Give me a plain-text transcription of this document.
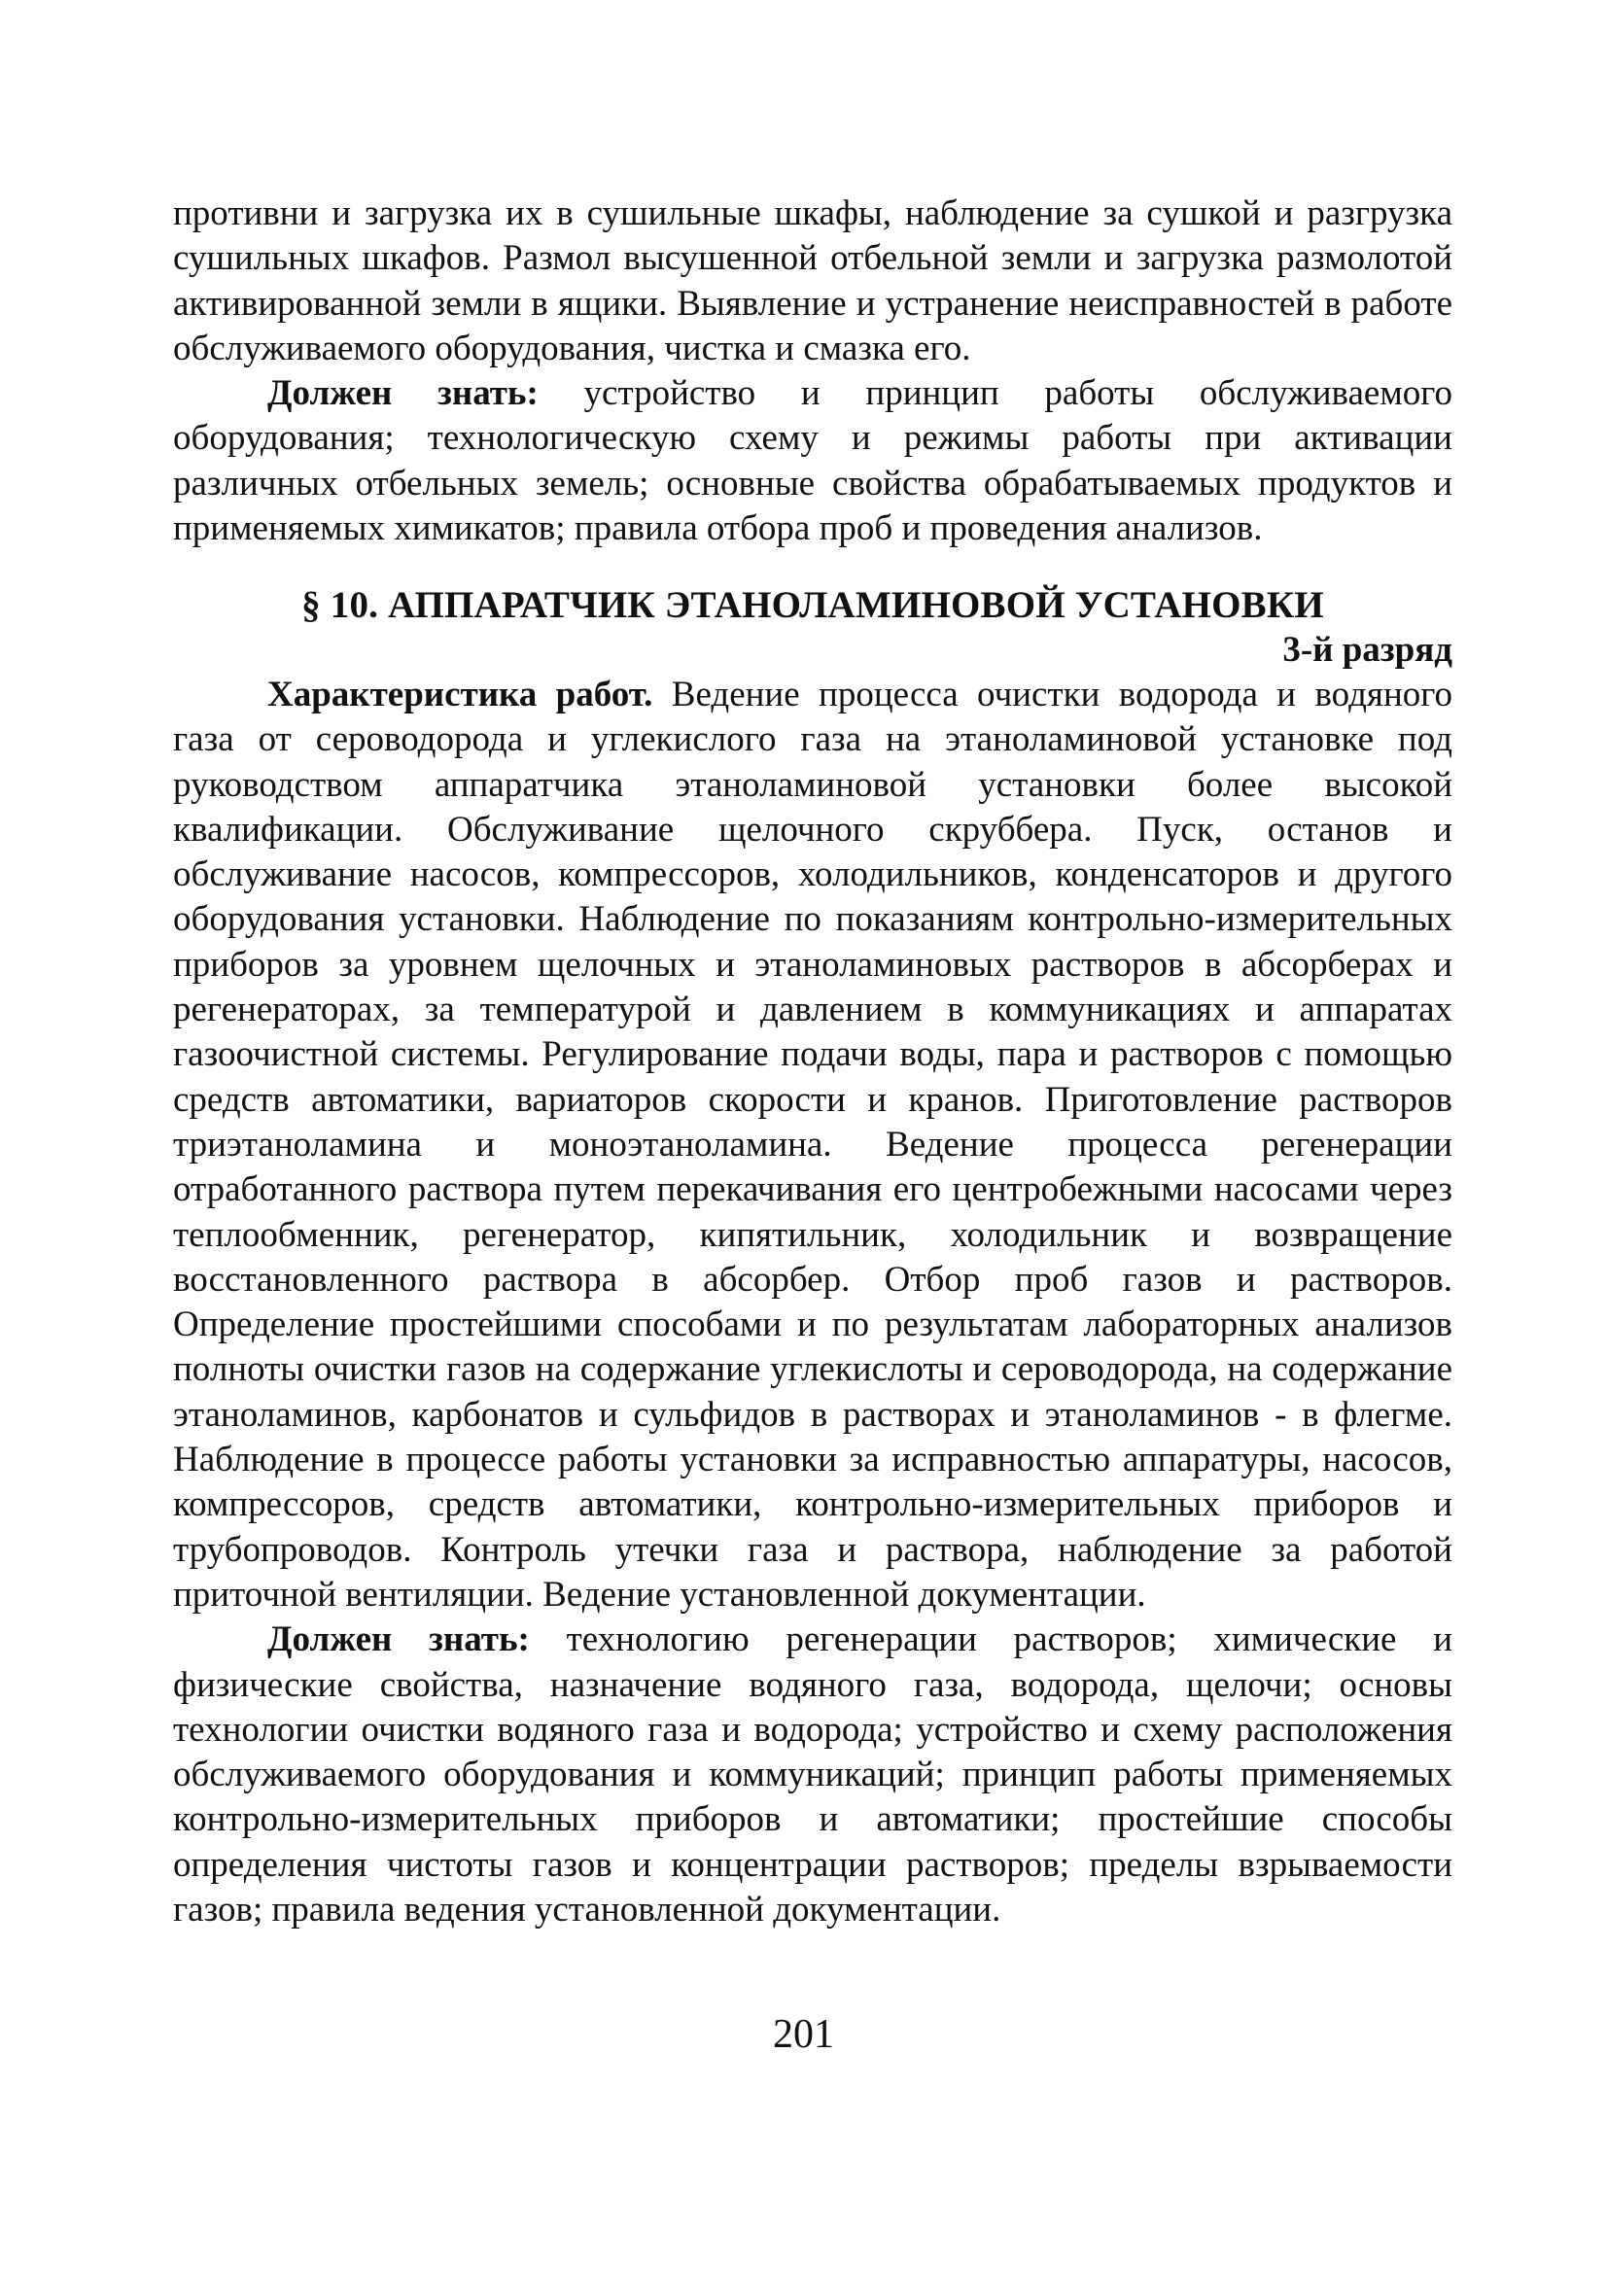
противни и загрузка их в сушильные шкафы, наблюдение за сушкой и разгрузка сушильных шкафов. Размол высушенной отбельной земли и загрузка размолотой активированной земли в ящики. Выявление и устранение неисправностей в работе обслуживаемого оборудования, чистка и смазка его.

Должен знать: устройство и принцип работы обслуживаемого оборудования; технологическую схему и режимы работы при активации различных отбельных земель; основные свойства обрабатываемых продуктов и применяемых химикатов; правила отбора проб и проведения анализов.

§ 10. АППАРАТЧИК ЭТАНОЛАМИНОВОЙ УСТАНОВКИ

3-й разряд

Характеристика работ. Ведение процесса очистки водорода и водяного газа от сероводорода и углекислого газа на этаноламиновой установке под руководством аппаратчика этаноламиновой установки более высокой квалификации. Обслуживание щелочного скруббера. Пуск, останов и обслуживание насосов, компрессоров, холодильников, конденсаторов и другого оборудования установки. Наблюдение по показаниям контрольно-измерительных приборов за уровнем щелочных и этаноламиновых растворов в абсорберах и регенераторах, за температурой и давлением в коммуникациях и аппаратах газоочистной системы. Регулирование подачи воды, пара и растворов с помощью средств автоматики, вариаторов скорости и кранов. Приготовление растворов триэтаноламина и моноэтаноламина. Ведение процесса регенерации отработанного раствора путем перекачивания его центробежными насосами через теплообменник, регенератор, кипятильник, холодильник и возвращение восстановленного раствора в абсорбер. Отбор проб газов и растворов. Определение простейшими способами и по результатам лабораторных анализов полноты очистки газов на содержание углекислоты и сероводорода, на содержание этаноламинов, карбонатов и сульфидов в растворах и этаноламинов - в флегме. Наблюдение в процессе работы установки за исправностью аппаратуры, насосов, компрессоров, средств автоматики, контрольно-измерительных приборов и трубопроводов. Контроль утечки газа и раствора, наблюдение за работой приточной вентиляции. Ведение установленной документации.

Должен знать: технологию регенерации растворов; химические и физические свойства, назначение водяного газа, водорода, щелочи; основы технологии очистки водяного газа и водорода; устройство и схему расположения обслуживаемого оборудования и коммуникаций; принцип работы применяемых контрольно-измерительных приборов и автоматики; простейшие способы определения чистоты газов и концентрации растворов; пределы взрываемости газов; правила ведения установленной документации.

201
